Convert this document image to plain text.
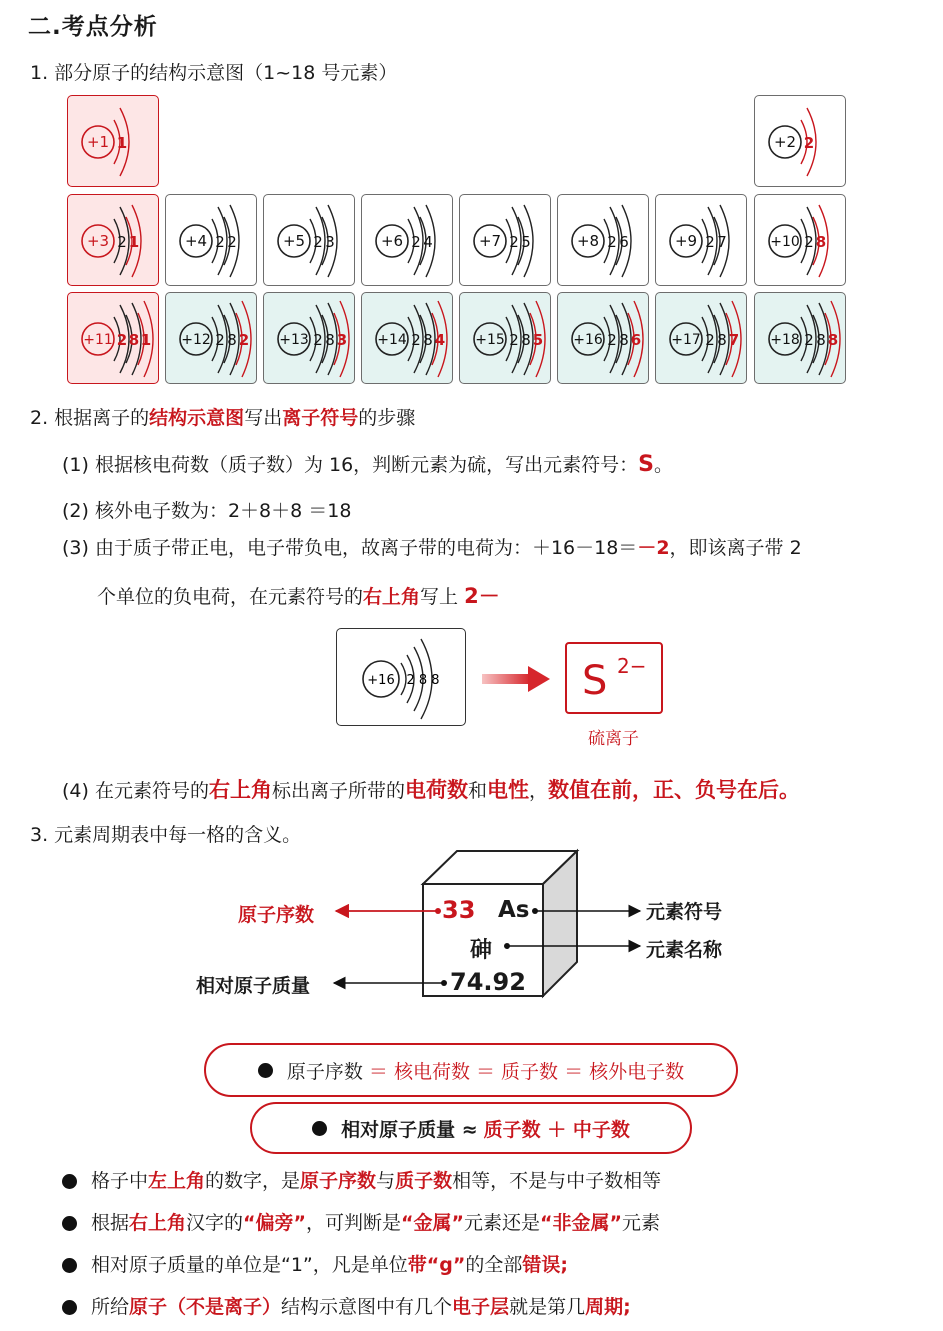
二.考点分析
1. 部分原子的结构示意图（1~18 号元素）
+1 1	+2 2
+3 2 1	+4 2 2	+5 2 3	+6 2 4	+7 2 5	+8 2 6	+9 2 7	+10 2 8
+11 2 8 1 +12 2 8 2 +13 2 8 3 +14 2 8 4 +15 2 8 5 +16 2 8 6 +17 2 8 7 +18 2 8 8
2. 根据离子的结构示意图写出离子符号的步骤
(1) 根据核电荷数（质子数）为 16，判断元素为硫，写出元素符号：S。
(2) 核外电子数为：2＋8＋8 ＝18
(3) 由于质子带正电，电子带负电，故离子带的电荷为：＋16－18＝－2，即该离子带 2
个单位的负电荷，在元素符号的右上角写上 2－
+16 2 8 8	S 2−
硫离子
(4) 在元素符号的右上角标出离子所带的电荷数和电性，数值在前，正、负号在后。
3. 元素周期表中每一格的含义。
33 As
砷
74.92
原子序数	元素符号
元素名称
相对原子质量
原子序数 ＝ 核电荷数 ＝ 质子数 ＝ 核外电子数
相对原子质量 ≈ 质子数 ＋ 中子数
格子中左上角的数字，是原子序数与质子数相等，不是与中子数相等
根据右上角汉字的“偏旁”，可判断是“金属”元素还是“非金属”元素
相对原子质量的单位是“1”，凡是单位带“g”的全部错误;
所给原子（不是离子）结构示意图中有几个电子层就是第几周期;
